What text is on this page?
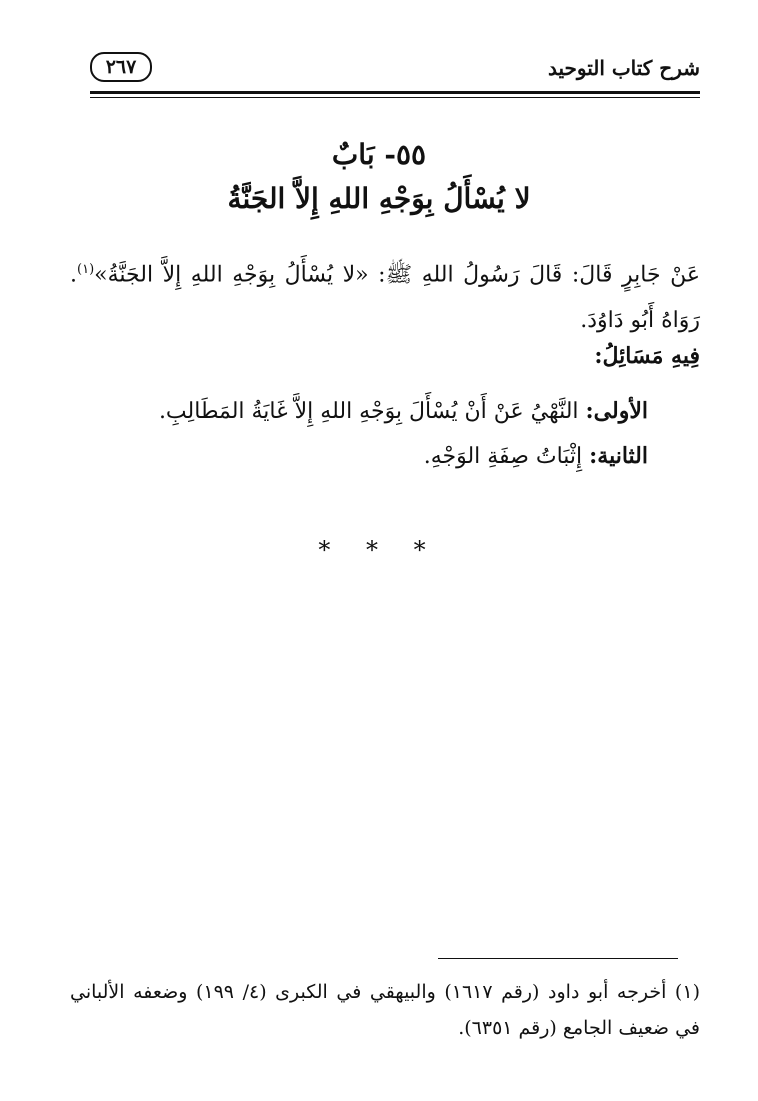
شرح كتاب التوحيد
٢٦٧
٥٥- بَابٌ
لا يُسْأَلُ بِوَجْهِ اللهِ إِلاَّ الجَنَّةُ
عَنْ جَابِرٍ قَالَ: قَالَ رَسُولُ اللهِ ﷺ: «لا يُسْأَلُ بِوَجْهِ اللهِ إِلاَّ الجَنَّةُ»$^{(١)}$. رَوَاهُ أَبُو دَاوُدَ.
فِيهِ مَسَائِلُ:
الأولى: النَّهْيُ عَنْ أَنْ يُسْأَلَ بِوَجْهِ اللهِ إِلاَّ غَايَةُ المَطَالِبِ.
الثانية: إِثْبَاتُ صِفَةِ الوَجْهِ.
* * *
(١) أخرجه أبو داود (رقم ١٦١٧) والبيهقي في الكبرى (٤/ ١٩٩) وضعفه الألباني في ضعيف الجامع (رقم ٦٣٥١).
